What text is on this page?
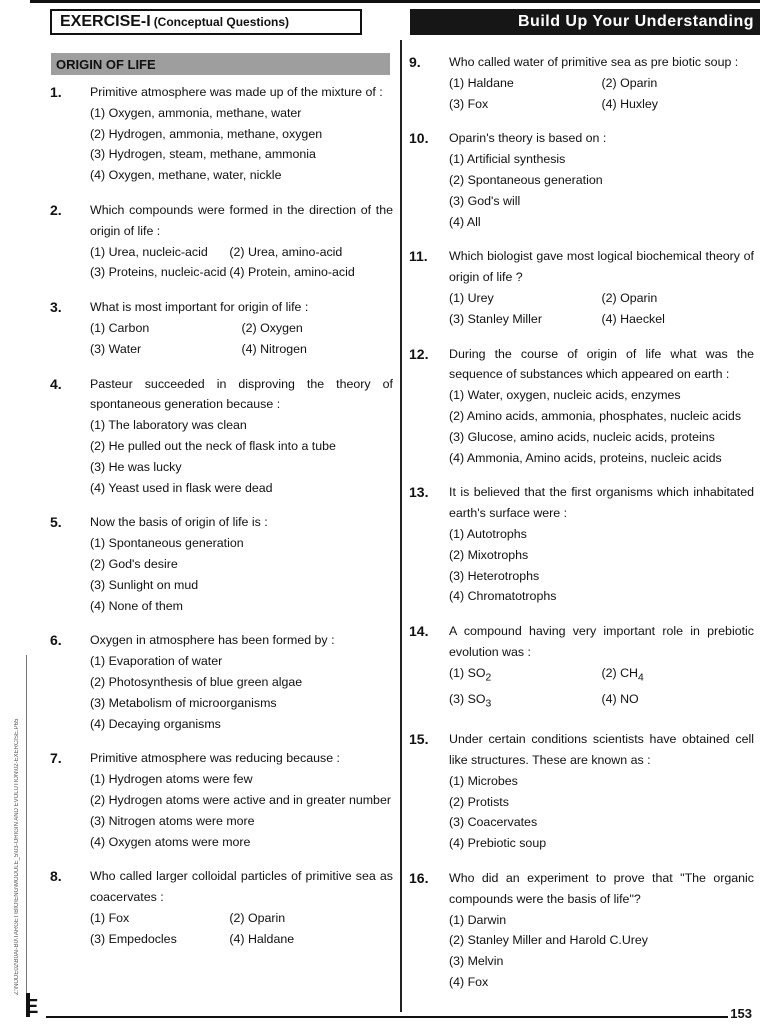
EXERCISE-I (Conceptual Questions)	Build Up Your Understanding
Z:\NODE02\B0AI-B0\TARGET\BIO\ENG\MODULE_5\03-ORIGIN AND EVOLUTION\02-EXERCISE.P65
E	153
ORIGIN OF LIFE
1. Primitive atmosphere was made up of the mixture of :
(1) Oxygen, ammonia, methane, water
(2) Hydrogen, ammonia, methane, oxygen
(3) Hydrogen, steam, methane, ammonia
(4) Oxygen, methane, water, nickle
2. Which compounds were formed in the direction of the origin of life :
(1) Urea, nucleic-acid	(2) Urea, amino-acid
(3) Proteins, nucleic-acid (4) Protein, amino-acid
3. What is most important for origin of life :
(1) Carbon	(2) Oxygen
(3) Water	(4) Nitrogen
4. Pasteur succeeded in disproving the theory of spontaneous generation because :
(1) The laboratory was clean
(2) He pulled out the neck of flask into a tube
(3) He was lucky
(4) Yeast used in flask were dead
5. Now the basis of origin of life is :
(1) Spontaneous generation
(2) God's desire
(3) Sunlight on mud
(4) None of them
6. Oxygen in atmosphere has been formed by :
(1) Evaporation of water
(2) Photosynthesis of blue green algae
(3) Metabolism of microorganisms
(4) Decaying organisms
7. Primitive atmosphere was reducing because :
(1) Hydrogen atoms were few
(2) Hydrogen atoms were active and in greater number
(3) Nitrogen atoms were more
(4) Oxygen atoms were more
8. Who called larger colloidal particles of primitive sea as coacervates :
(1) Fox	(2) Oparin
(3) Empedocles	(4) Haldane
9. Who called water of primitive sea as pre biotic soup :
(1) Haldane	(2) Oparin
(3) Fox	(4) Huxley
10. Oparin's theory is based on :
(1) Artificial synthesis
(2) Spontaneous generation
(3) God's will
(4) All
11. Which biologist gave most logical biochemical theory of origin of life ?
(1) Urey	(2) Oparin
(3) Stanley Miller	(4) Haeckel
12. During the course of origin of life what was the sequence of substances which appeared on earth :
(1) Water, oxygen, nucleic acids, enzymes
(2) Amino acids, ammonia, phosphates, nucleic acids
(3) Glucose, amino acids, nucleic acids, proteins
(4) Ammonia, Amino acids, proteins, nucleic acids
13. It is believed that the first organisms which inhabitated earth's surface were :
(1) Autotrophs
(2) Mixotrophs
(3) Heterotrophs
(4) Chromatotrophs
14. A compound having very important role in prebiotic evolution was :
(1) $SO_2$	(2) $CH_4$
(3) $SO_3$	(4) NO
15. Under certain conditions scientists have obtained cell like structures. These are known as :
(1) Microbes
(2) Protists
(3) Coacervates
(4) Prebiotic soup
16. Who did an experiment to prove that "The organic compounds were the basis of life"?
(1) Darwin
(2) Stanley Miller and Harold C.Urey
(3) Melvin
(4) Fox
